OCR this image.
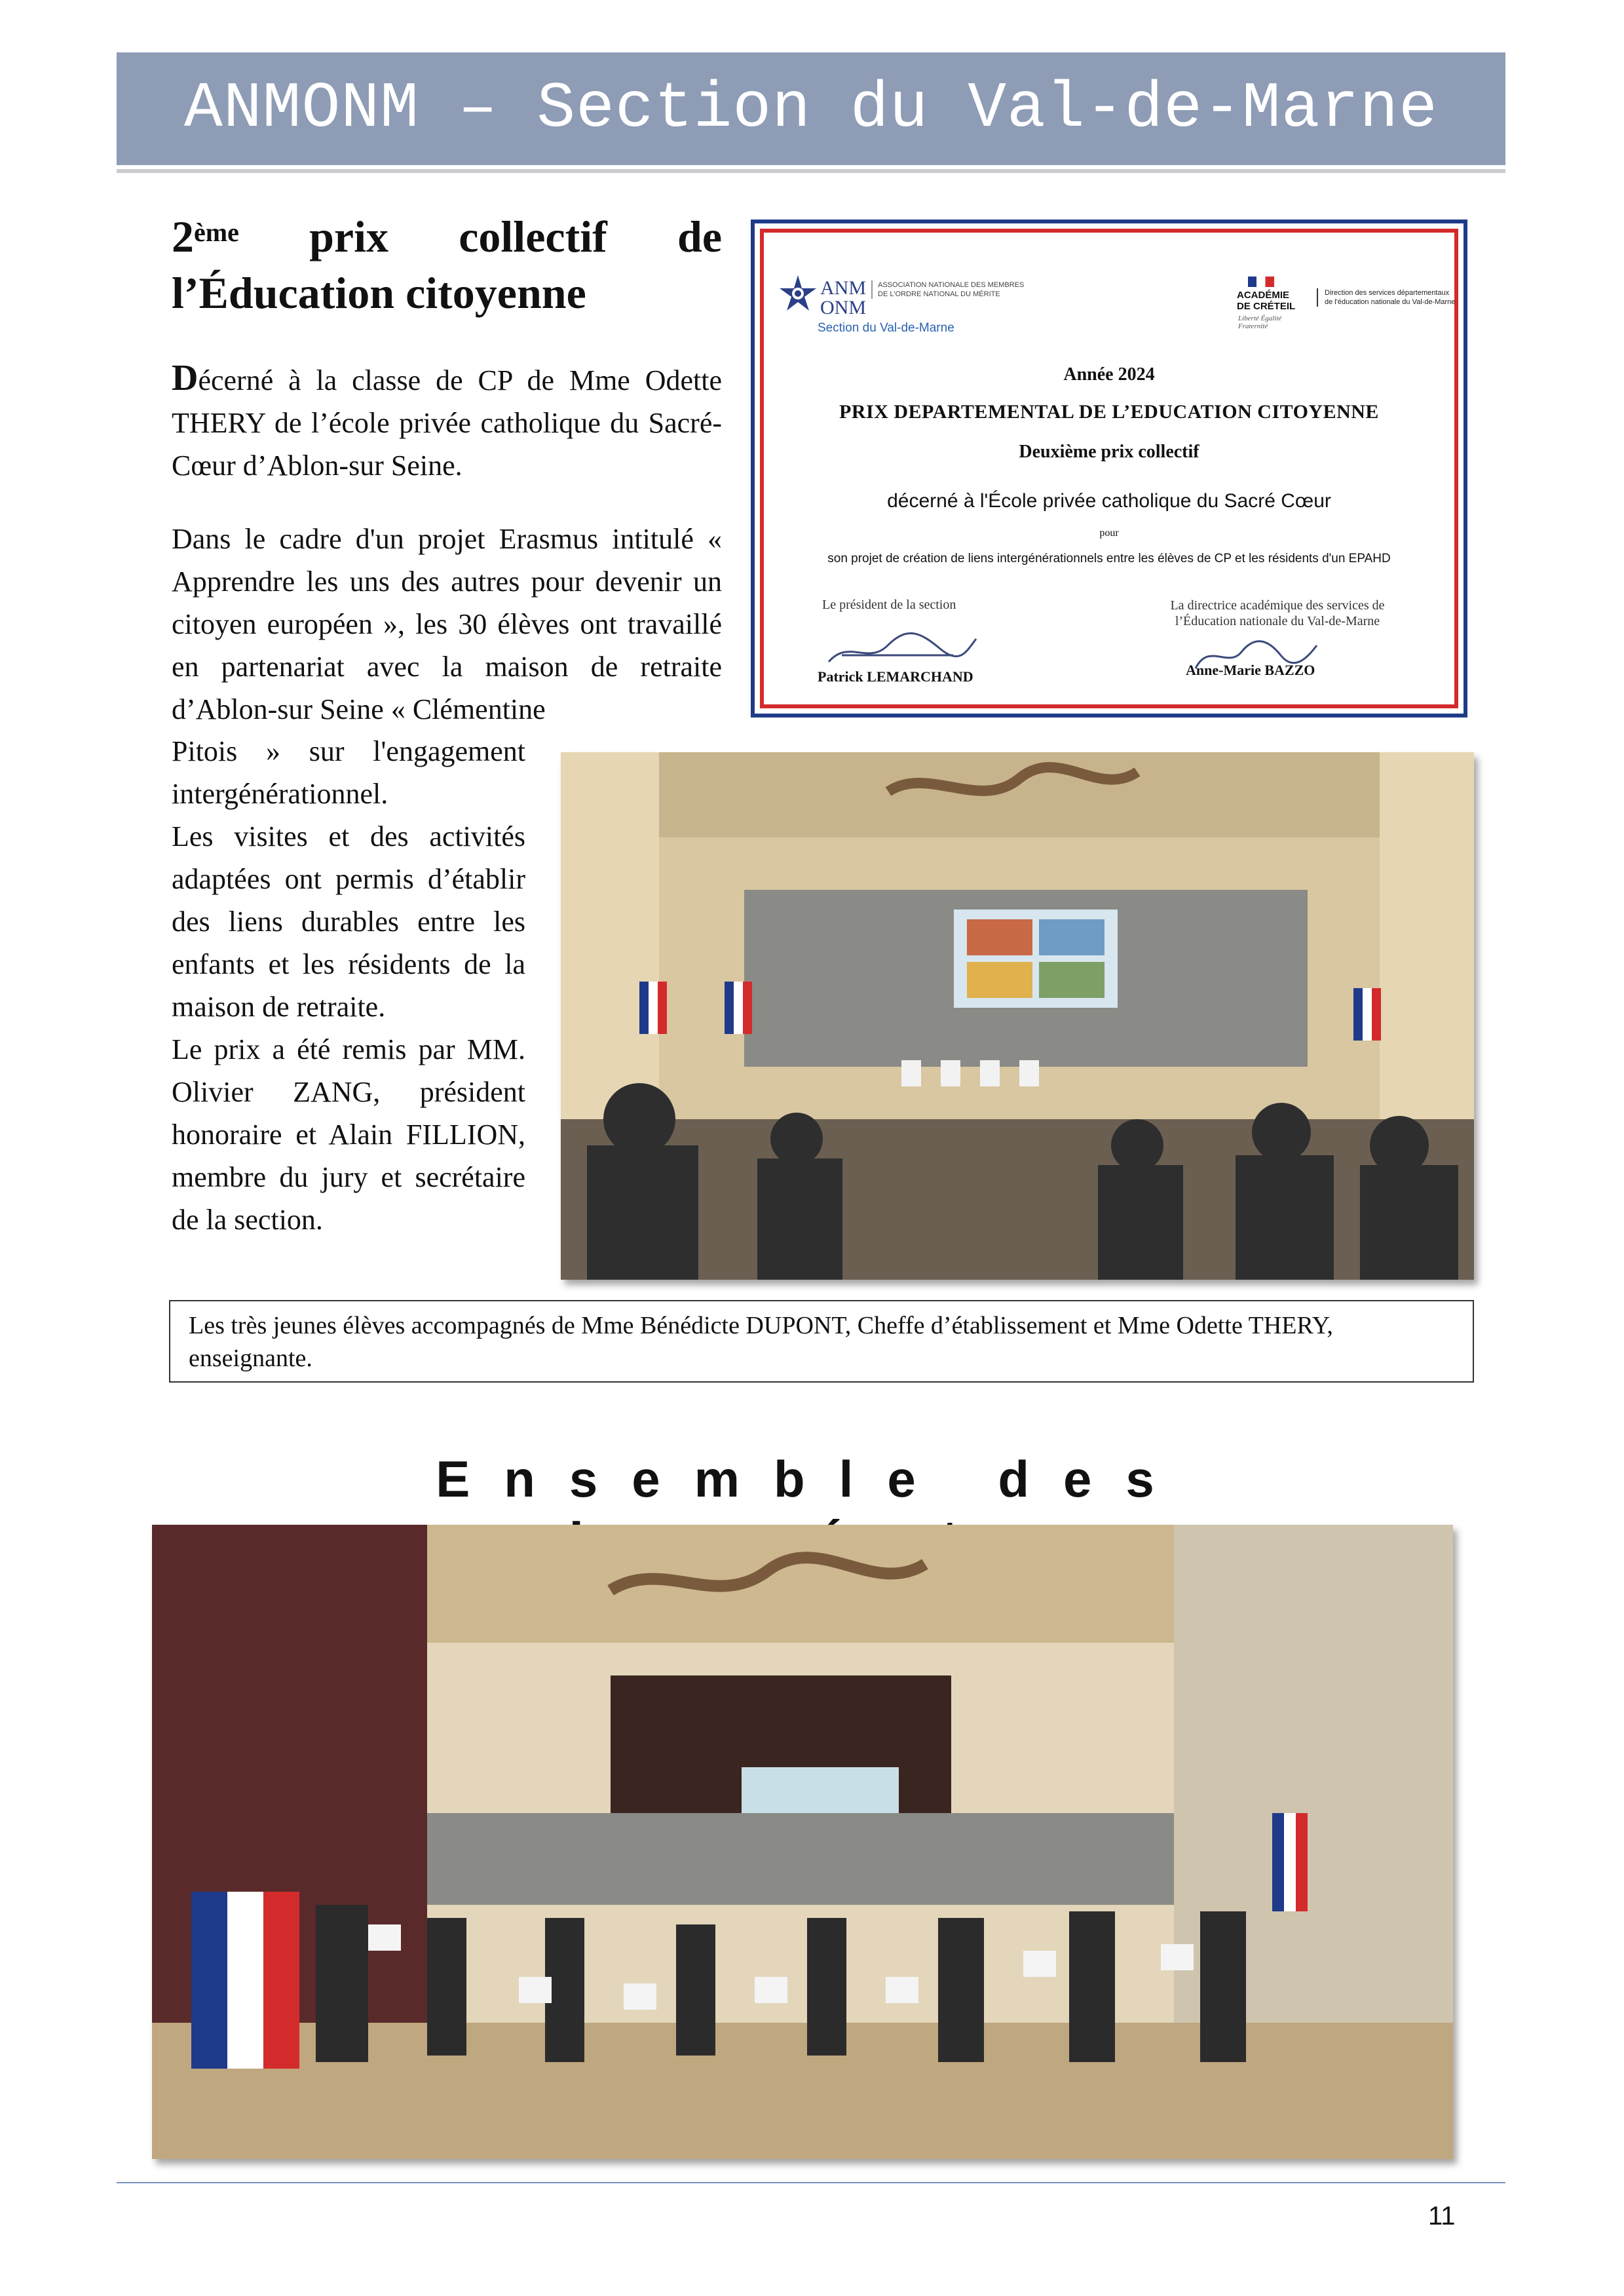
ANMONM – Section du Val-de-Marne
2ème prix collectif de
l’Éducation citoyenne
Décerné à la classe de CP de Mme Odette THERY de l’école privée catholique du Sacré-Cœur d’Ablon-sur Seine.
Dans le cadre d'un projet Erasmus intitulé « Apprendre les uns des autres pour devenir un citoyen européen », les 30 élèves ont travaillé en partenariat avec la maison de retraite d’Ablon-sur Seine « Clémentine
Pitois » sur l'engagement intergénérationnel.
Les visites et des activités adaptées ont permis d’établir des liens durables entre les enfants et les résidents de la maison de retraite.
Le prix a été remis par MM. Olivier ZANG, président honoraire et Alain FILLION, membre du jury et secrétaire de la section.
ANM
ONM
ASSOCIATION NATIONALE DES MEMBRES DE L'ORDRE NATIONAL DU MÉRITE
Section du Val-de-Marne
ACADÉMIE
DE CRÉTEIL
Liberté Égalité Fraternité
Direction des services départementaux de l'éducation nationale du Val-de-Marne
Année 2024
PRIX DEPARTEMENTAL DE L’EDUCATION CITOYENNE
Deuxième prix collectif
décerné à l'École privée catholique du Sacré Cœur
pour
son projet de création de liens intergénérationnels entre les élèves de CP et les résidents d'un EPAHD
Le président de la section	La directrice académique des services de l’Éducation nationale du Val-de-Marne
Patrick LEMARCHAND	Anne-Marie BAZZO
Les très jeunes élèves accompagnés de Mme Bénédicte DUPONT, Cheffe d’établissement et Mme Odette THERY, enseignante.
Ensemble des
11
